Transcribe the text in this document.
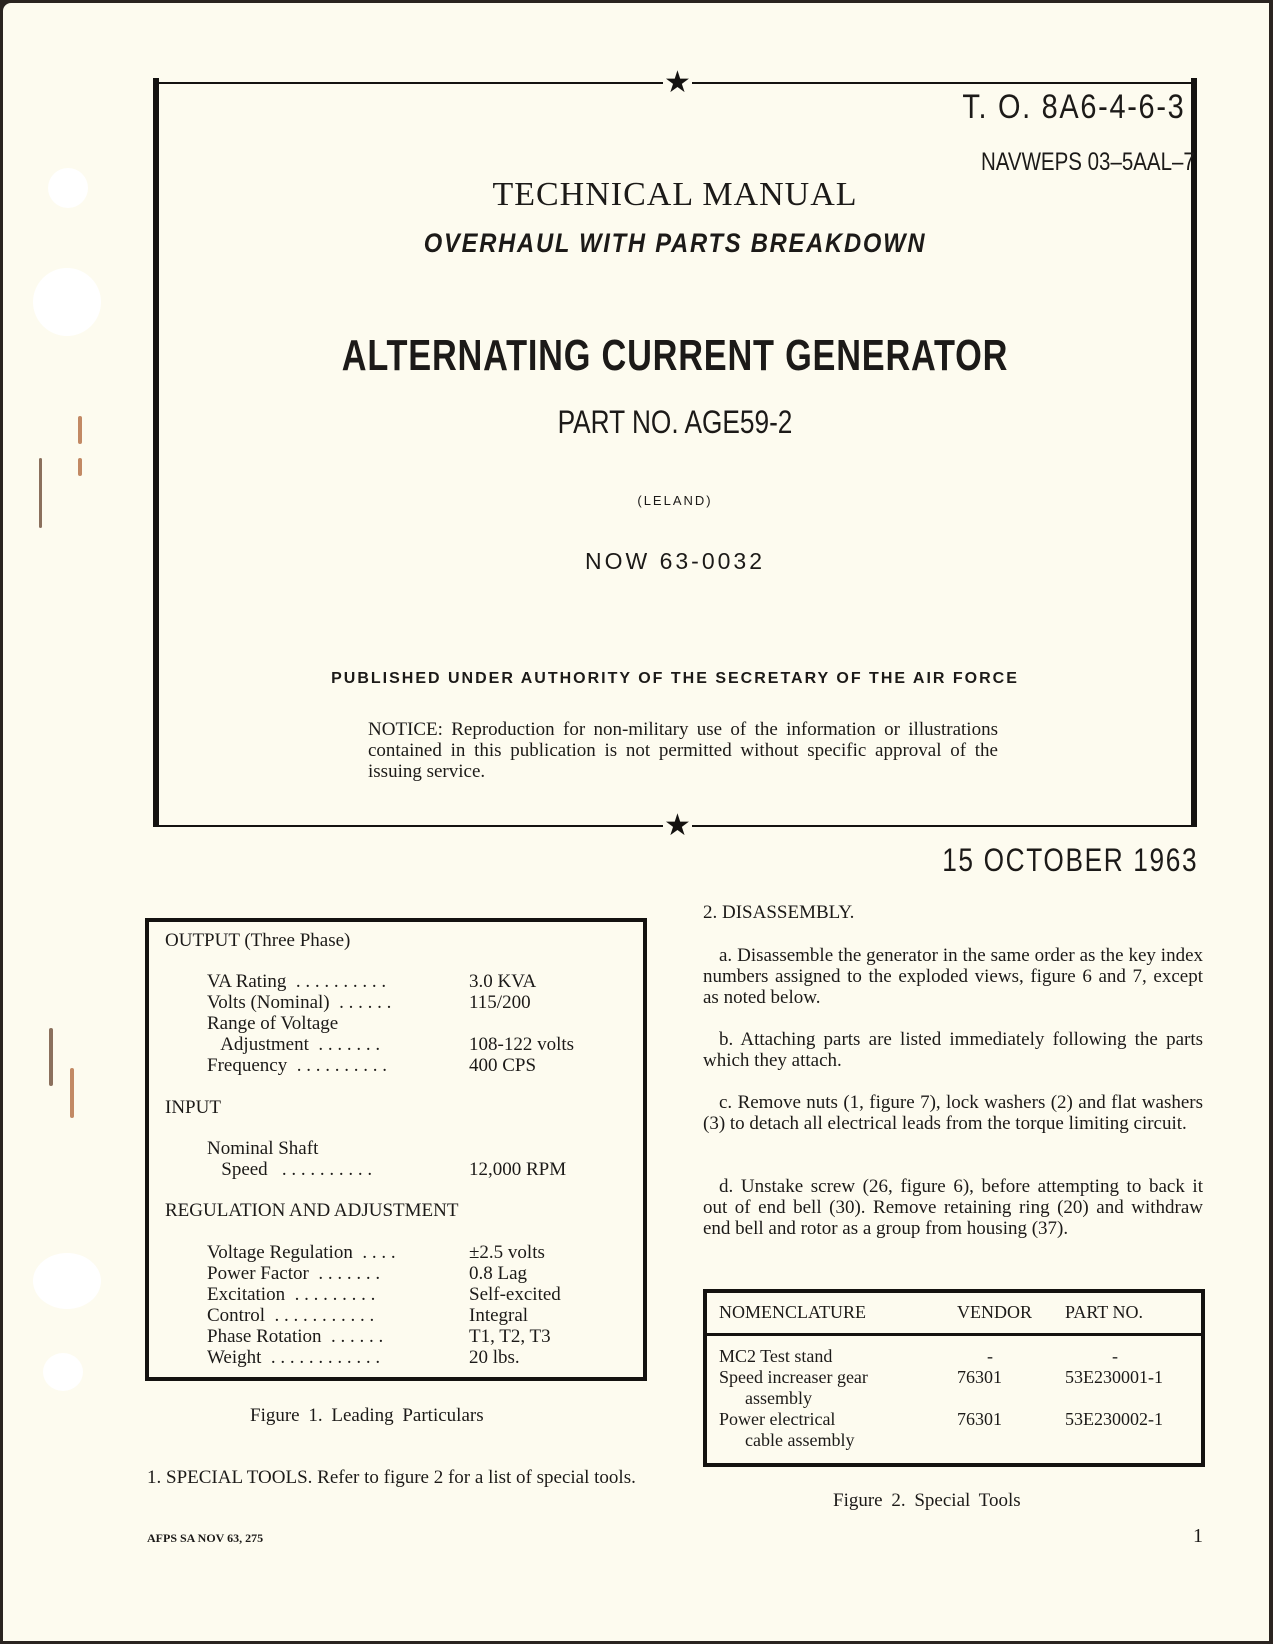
★
★
T. O. 8A6-4-6-3
NAVWEPS 03–5AAL–7
TECHNICAL MANUAL
OVERHAUL WITH PARTS BREAKDOWN
ALTERNATING CURRENT GENERATOR
PART NO. AGE59-2
(LELAND)
NOW 63-0032
PUBLISHED UNDER AUTHORITY OF THE SECRETARY OF THE AIR FORCE
NOTICE: Reproduction for non-military use of the information or illustrations contained in this publication is not permitted without specific approval of the issuing service.
15 OCTOBER 1963
OUTPUT (Three Phase)
VA Rating  . . . . . . . . . .	3.0 KVA
Volts (Nominal)  . . . . . .	115/200
Range of Voltage
Adjustment  . . . . . . .	108-122 volts
Frequency  . . . . . . . . . .	400 CPS
INPUT
Nominal Shaft
Speed   . . . . . . . . . .	12,000 RPM
REGULATION AND ADJUSTMENT
Voltage Regulation  . . . .	±2.5 volts
Power Factor  . . . . . . .	0.8 Lag
Excitation  . . . . . . . . .	Self-excited
Control  . . . . . . . . . . .	Integral
Phase Rotation  . . . . . .	T1, T2, T3
Weight  . . . . . . . . . . . .	20 lbs.
Figure 1. Leading Particulars
1. SPECIAL TOOLS. Refer to figure 2 for a list of special tools.
AFPS SA NOV 63, 275
2. DISASSEMBLY.
a. Disassemble the generator in the same order as the key index numbers assigned to the exploded views, figure 6 and 7, except as noted below.
b. Attaching parts are listed immediately following the parts which they attach.
c. Remove nuts (1, figure 7), lock washers (2) and flat washers (3) to detach all electrical leads from the torque limiting circuit.
d. Unstake screw (26, figure 6), before attempting to back it out of end bell (30). Remove retaining ring (20) and withdraw end bell and rotor as a group from housing (37).
NOMENCLATURE	VENDOR PART NO.
MC2 Test stand	-	-
Speed increaser gear
assembly
76301	53E230001-1
Power electrical
cable assembly
76301	53E230002-1
Figure 2. Special Tools
1
